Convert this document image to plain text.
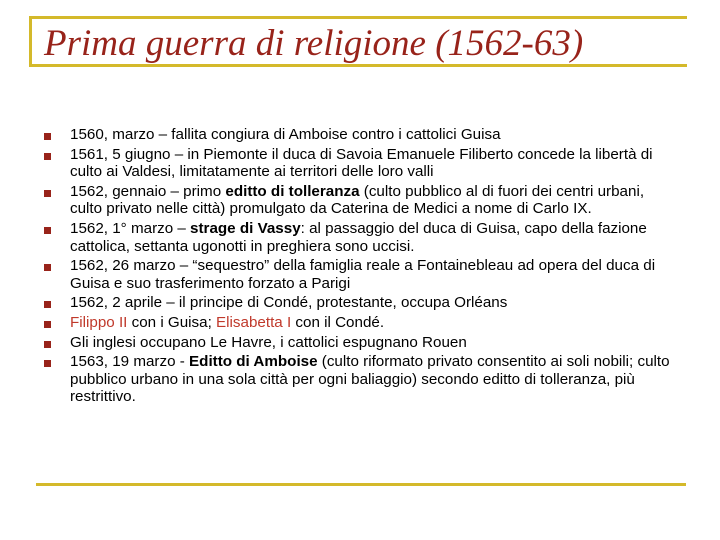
Prima guerra di religione (1562-63)
1560, marzo – fallita congiura di Amboise contro i cattolici Guisa
1561, 5 giugno – in Piemonte il duca di Savoia Emanuele Filiberto concede la libertà di culto ai Valdesi, limitatamente ai territori delle loro valli
1562, gennaio – primo editto di tolleranza (culto pubblico al di fuori dei centri urbani, culto privato nelle città) promulgato da Caterina de Medici a nome di Carlo IX.
1562, 1° marzo – strage di Vassy: al passaggio del duca di Guisa, capo della fazione cattolica, settanta ugonotti in preghiera sono uccisi.
1562, 26 marzo – “sequestro” della famiglia reale a Fontainebleau ad opera del duca di Guisa e suo trasferimento forzato a Parigi
1562, 2 aprile – il principe di Condé, protestante, occupa Orléans
Filippo II con i Guisa; Elisabetta I con il Condé.
Gli inglesi occupano Le Havre, i cattolici espugnano Rouen
1563, 19 marzo - Editto di Amboise (culto riformato privato consentito ai soli nobili; culto pubblico urbano in una sola città per ogni baliaggio) secondo editto di tolleranza, più restrittivo.
